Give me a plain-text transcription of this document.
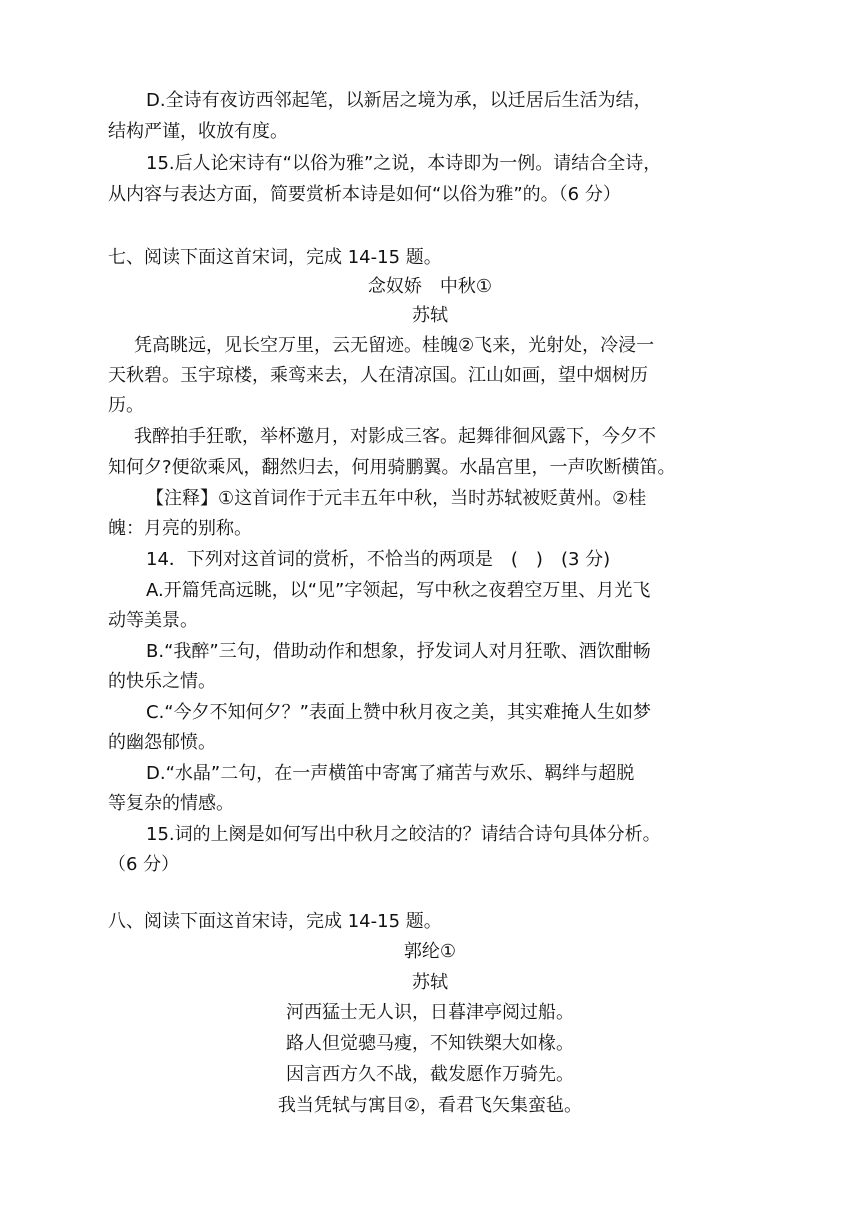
D.全诗有夜访西邻起笔，以新居之境为承，以迁居后生活为结，
结构严谨，收放有度。
15.后人论宋诗有“以俗为雅”之说，本诗即为一例。请结合全诗，
从内容与表达方面，简要赏析本诗是如何“以俗为雅”的。（6 分）
七、阅读下面这首宋词，完成 14-15 题。
念奴娇　中秋①
苏轼
凭高眺远，见长空万里，云无留迹。桂魄②飞来，光射处，冷浸一
天秋碧。玉宇琼楼，乘鸾来去，人在清凉国。江山如画，望中烟树历
历。
我醉拍手狂歌，举杯邀月，对影成三客。起舞徘徊风露下，今夕不
知何夕?便欲乘风，翻然归去，何用骑鹏翼。水晶宫里，一声吹断横笛。
【注释】①这首词作于元丰五年中秋，当时苏轼被贬黄州。②桂
魄：月亮的别称。
14．下列对这首词的赏析，不恰当的两项是　(　)　(3 分)
A.开篇凭高远眺，以“见”字领起，写中秋之夜碧空万里、月光飞
动等美景。
B.“我醉”三句，借助动作和想象，抒发词人对月狂歌、酒饮酣畅
的快乐之情。
C.“今夕不知何夕？”表面上赞中秋月夜之美，其实难掩人生如梦
的幽怨郁愤。
D.“水晶”二句，在一声横笛中寄寓了痛苦与欢乐、羁绊与超脱
等复杂的情感。
15.词的上阕是如何写出中秋月之皎洁的？请结合诗句具体分析。
（6 分）
八、阅读下面这首宋诗，完成 14-15 题。
郭纶①
苏轼
河西猛士无人识，日暮津亭阅过船。
路人但觉骢马瘦，不知铁槊大如椽。
因言西方久不战，截发愿作万骑先。
我当凭轼与寓目②，看君飞矢集蛮毡。
